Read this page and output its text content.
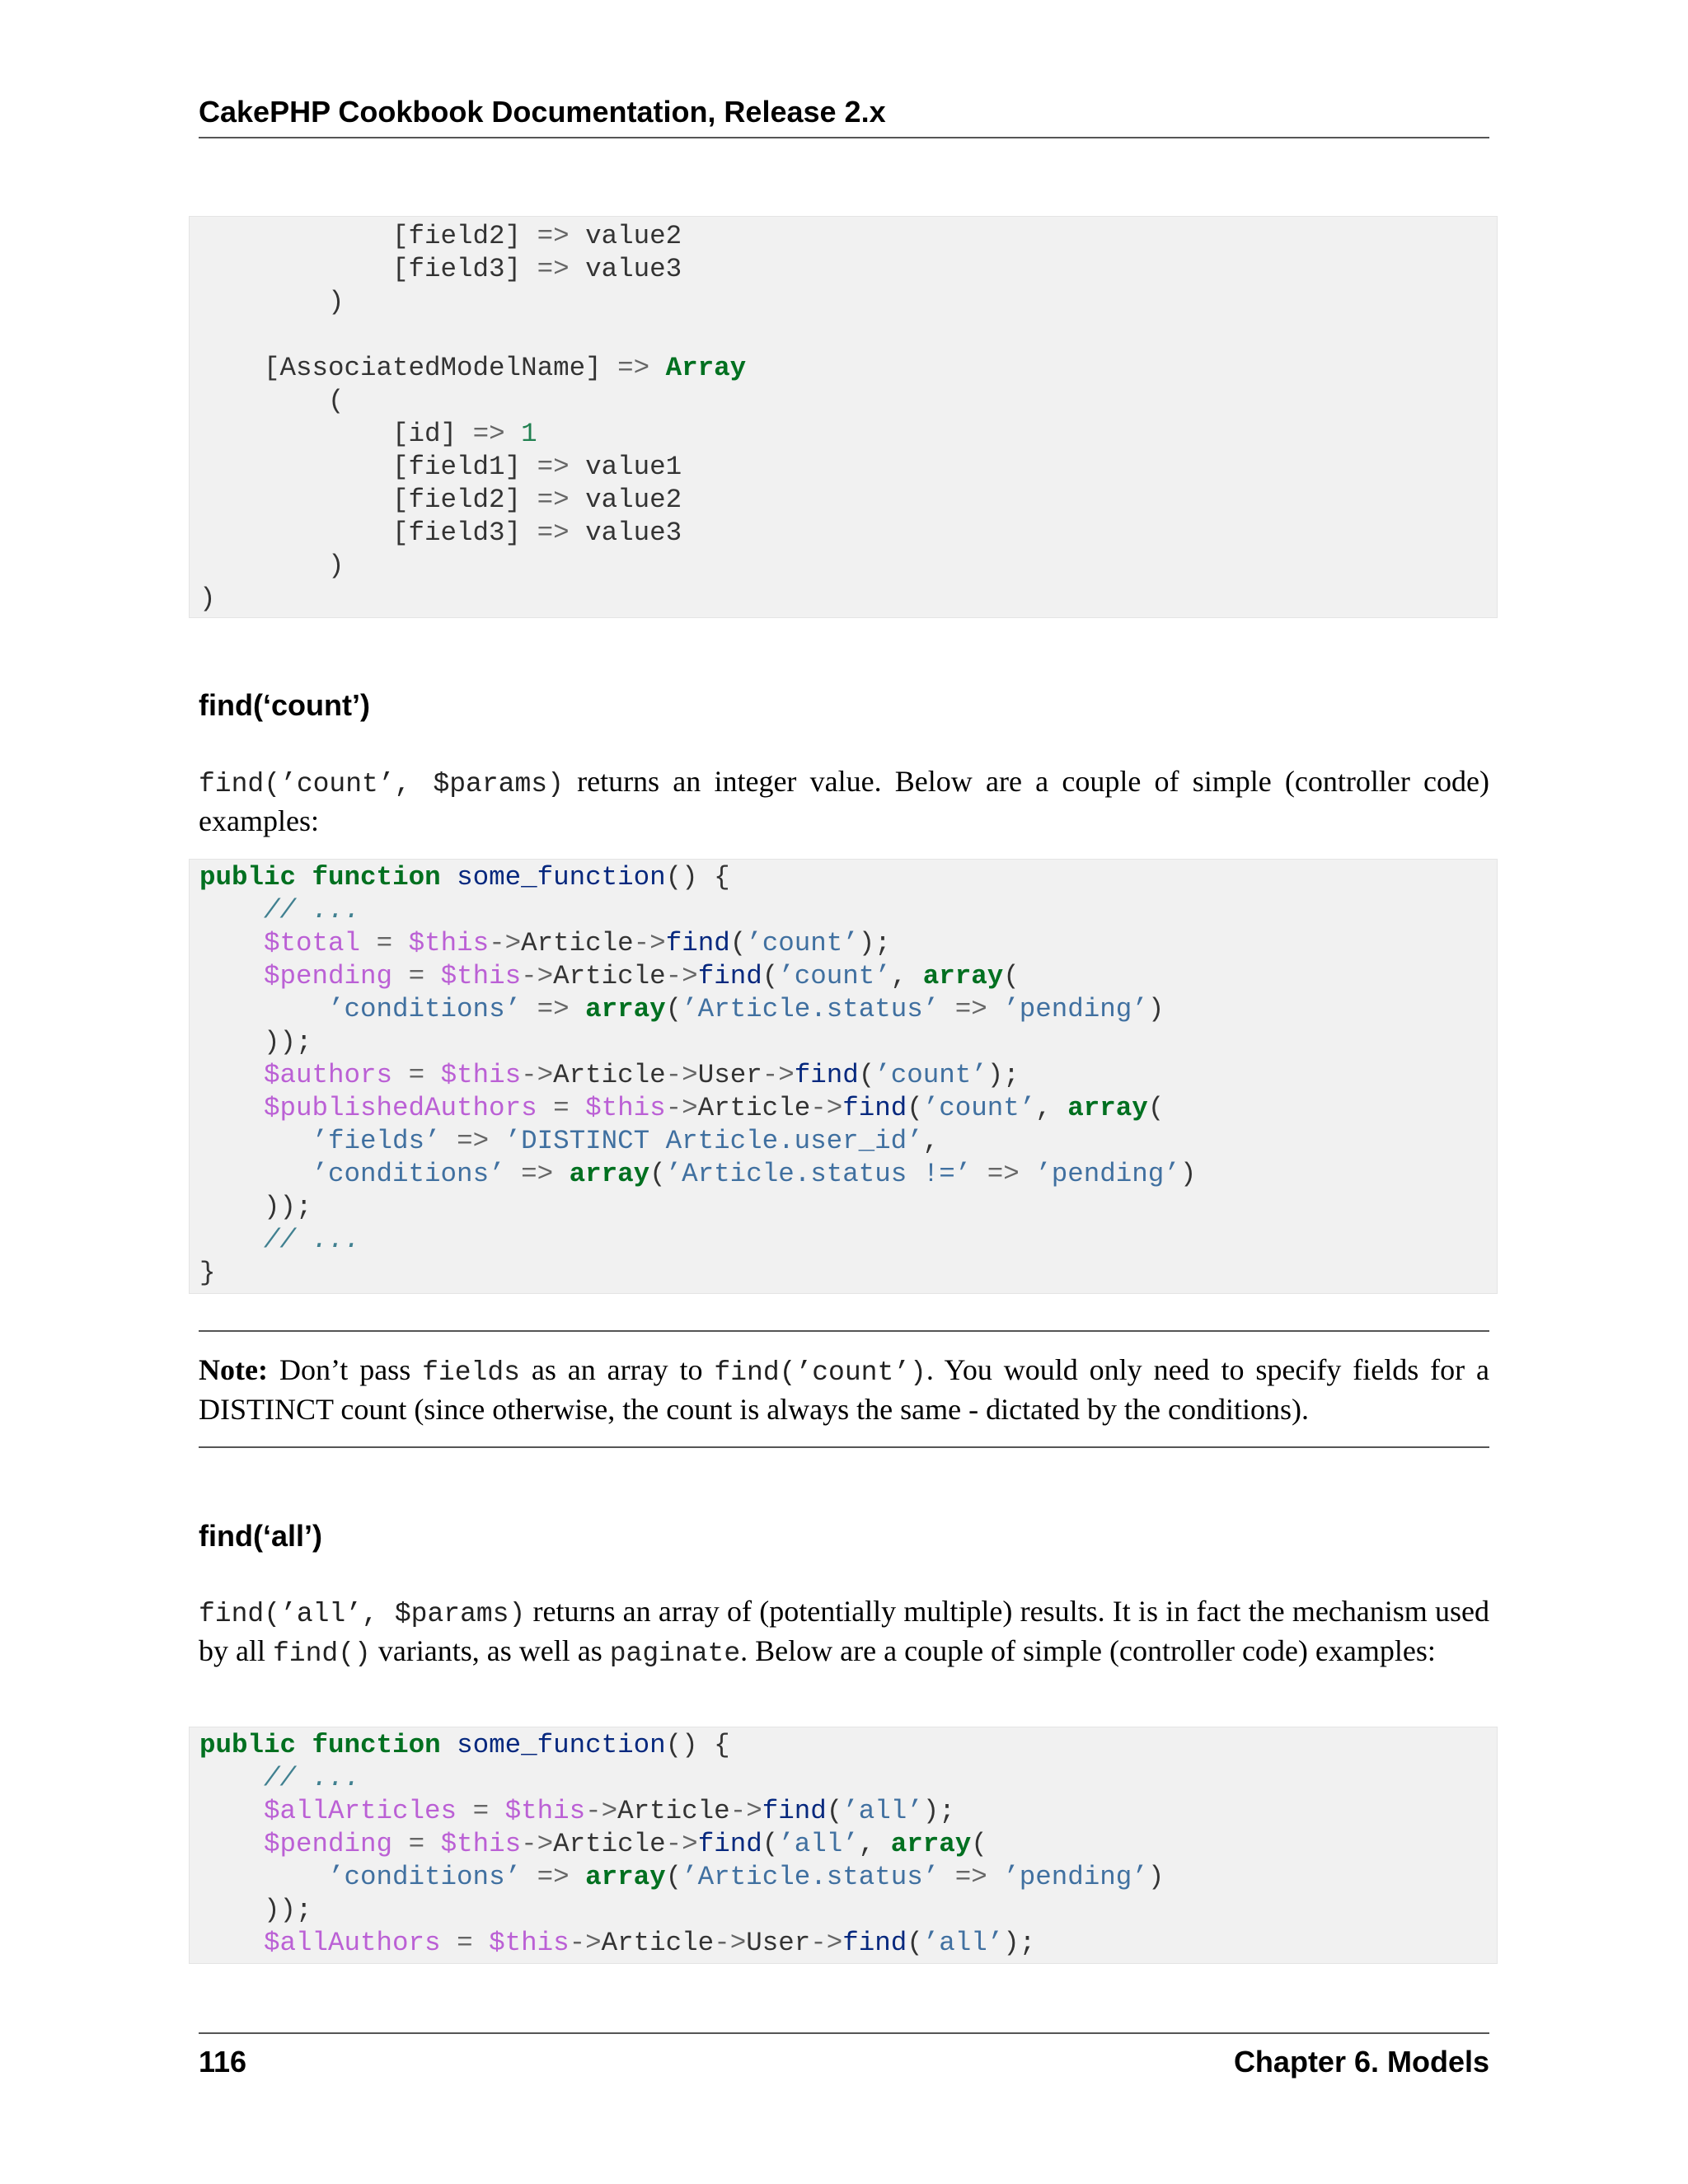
CakePHP Cookbook Documentation, Release 2.x
[field2] => value2
[field3] => value3
)
[AssociatedModelName] => Array
(
[id] => 1
[field1] => value1
[field2] => value2
[field3] => value3
)
)
find(‘count’)
find(’count’, $params) returns an integer value. Below are a couple of simple (controller code) examples:
public function some_function() {
// ...
$total = $this->Article->find(’count’);
$pending = $this->Article->find(’count’, array(
’conditions’ => array(’Article.status’ => ’pending’)
));
$authors = $this->Article->User->find(’count’);
$publishedAuthors = $this->Article->find(’count’, array(
’fields’ => ’DISTINCT Article.user_id’,
’conditions’ => array(’Article.status !=’ => ’pending’)
));
// ...
}
Note: Don’t pass fields as an array to find(’count’). You would only need to specify fields for a DISTINCT count (since otherwise, the count is always the same - dictated by the conditions).
find(‘all’)
find(’all’, $params) returns an array of (potentially multiple) results. It is in fact the mechanism used by all find() variants, as well as paginate. Below are a couple of simple (controller code) examples:
public function some_function() {
// ...
$allArticles = $this->Article->find(’all’);
$pending = $this->Article->find(’all’, array(
’conditions’ => array(’Article.status’ => ’pending’)
));
$allAuthors = $this->Article->User->find(’all’);
116	Chapter 6. Models
